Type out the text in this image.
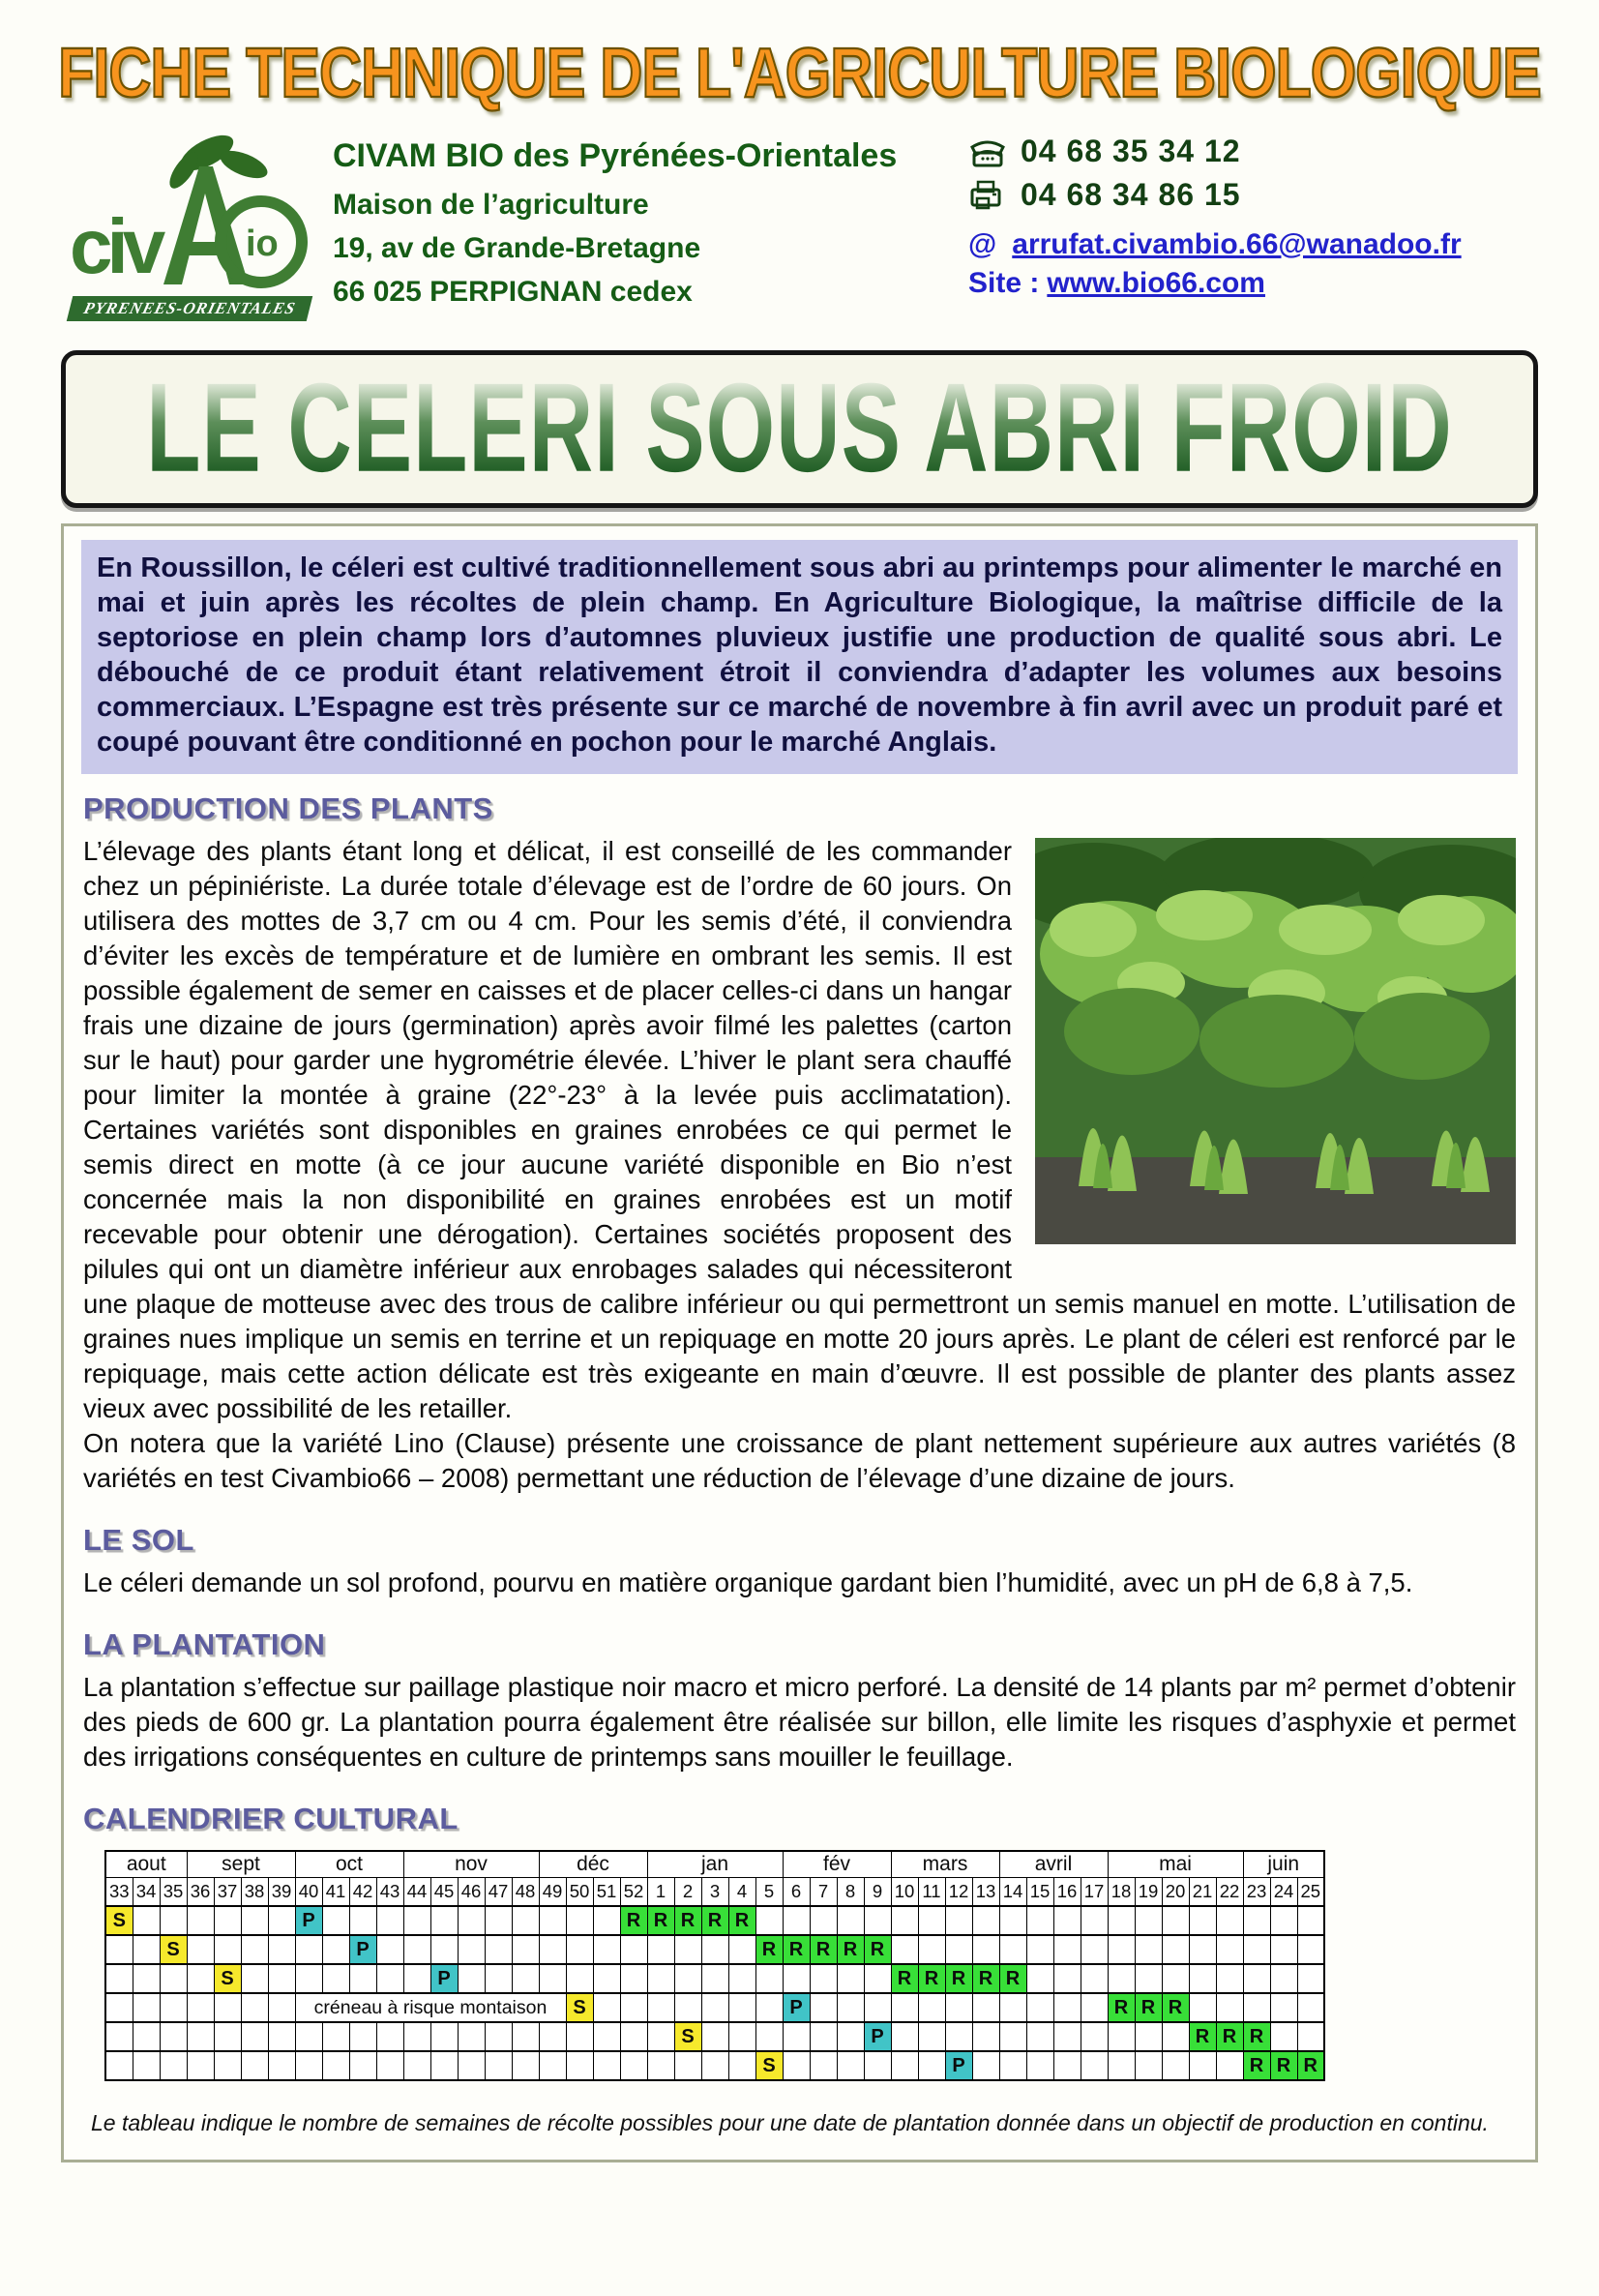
FICHE TECHNIQUE DE L'AGRICULTURE BIOLOGIQUE
civ io
PYRENEES-ORIENTALES
CIVAM BIO des Pyrénées-Orientales
Maison de l’agriculture
19, av de Grande-Bretagne
66 025 PERPIGNAN cedex
04 68 35 34 12
04 68 34 86 15
@ arrufat.civambio.66@wanadoo.fr
Site : www.bio66.com
LE CELERI SOUS ABRI FROID
En Roussillon, le céleri est cultivé traditionnellement sous abri au printemps pour alimenter le marché en mai et juin après les récoltes de plein champ. En Agriculture Biologique, la maîtrise difficile de la septoriose en plein champ lors d’automnes pluvieux justifie une production de qualité sous abri. Le débouché de ce produit étant relativement étroit il conviendra d’adapter les volumes aux besoins commerciaux. L’Espagne est très présente sur ce marché de novembre à fin avril avec un produit paré et coupé pouvant être conditionné en pochon pour le marché Anglais.
PRODUCTION DES PLANTS

L’élevage des plants étant long et délicat, il est conseillé de les commander chez un pépiniériste. La durée totale d’élevage est de l’ordre de 60 jours. On utilisera des mottes de 3,7 cm ou 4 cm. Pour les semis d’été, il conviendra d’éviter les excès de température et de lumière en ombrant les semis. Il est possible également de semer en caisses et de placer celles-ci dans un hangar frais une dizaine de jours (germination) après avoir filmé les palettes (carton sur le haut) pour garder une hygrométrie élevée. L’hiver le plant sera chauffé pour limiter la montée à graine (22°-23° à la levée puis acclimatation). Certaines variétés sont disponibles en graines enrobées ce qui permet le semis direct en motte (à ce jour aucune variété disponible en Bio n’est concernée mais la non disponibilité en graines enrobées est un motif recevable pour obtenir une dérogation). Certaines sociétés proposent des pilules qui ont un diamètre inférieur aux enrobages salades qui nécessiteront une plaque de motteuse avec des trous de calibre inférieur ou qui permettront un semis manuel en motte. L’utilisation de graines nues implique un semis en terrine et un repiquage en motte 20 jours après. Le plant de céleri est renforcé par le repiquage, mais cette action délicate est très exigeante en main d’œuvre. Il est possible de planter des plants assez vieux avec possibilité de les retailler.

On notera que la variété Lino (Clause) présente une croissance de plant nettement supérieure aux autres variétés (8 variétés en test Civambio66 – 2008) permettant une réduction de l’élevage d’une dizaine de jours.

LE SOL
Le céleri demande un sol profond, pourvu en matière organique gardant bien l’humidité, avec un pH de 6,8 à 7,5.
LA PLANTATION
La plantation s’effectue sur paillage plastique noir macro et micro perforé. La densité de 14 plants par m² permet d’obtenir des pieds de 600 gr. La plantation pourra également être réalisée sur billon, elle limite les risques d’asphyxie et permet des irrigations conséquentes en culture de printemps sans mouiller le feuillage.
CALENDRIER CULTURAL
aout			sept				oct				nov					déc				jan					fév				mars				avril				mai					juin		
33	34	35	36	37	38	39	40	41	42	43	44	45	46	47	48	49	50	51	52	1	2	3	4	5	6	7	8	9	10	11	12	13	14	15	16	17	18	19	20	21	22	23	24	25
S							P												R	R	R	R	R																					
		S							P															R	R	R	R	R																
				S								P																	R	R	R	R	R											
							créneau à risque montaison										S								P												R	R	R					
																					S							P												R	R	R		
																								S							P											R	R	R
Le tableau indique le nombre de semaines de récolte possibles pour une date de plantation donnée dans un objectif de production en continu.
